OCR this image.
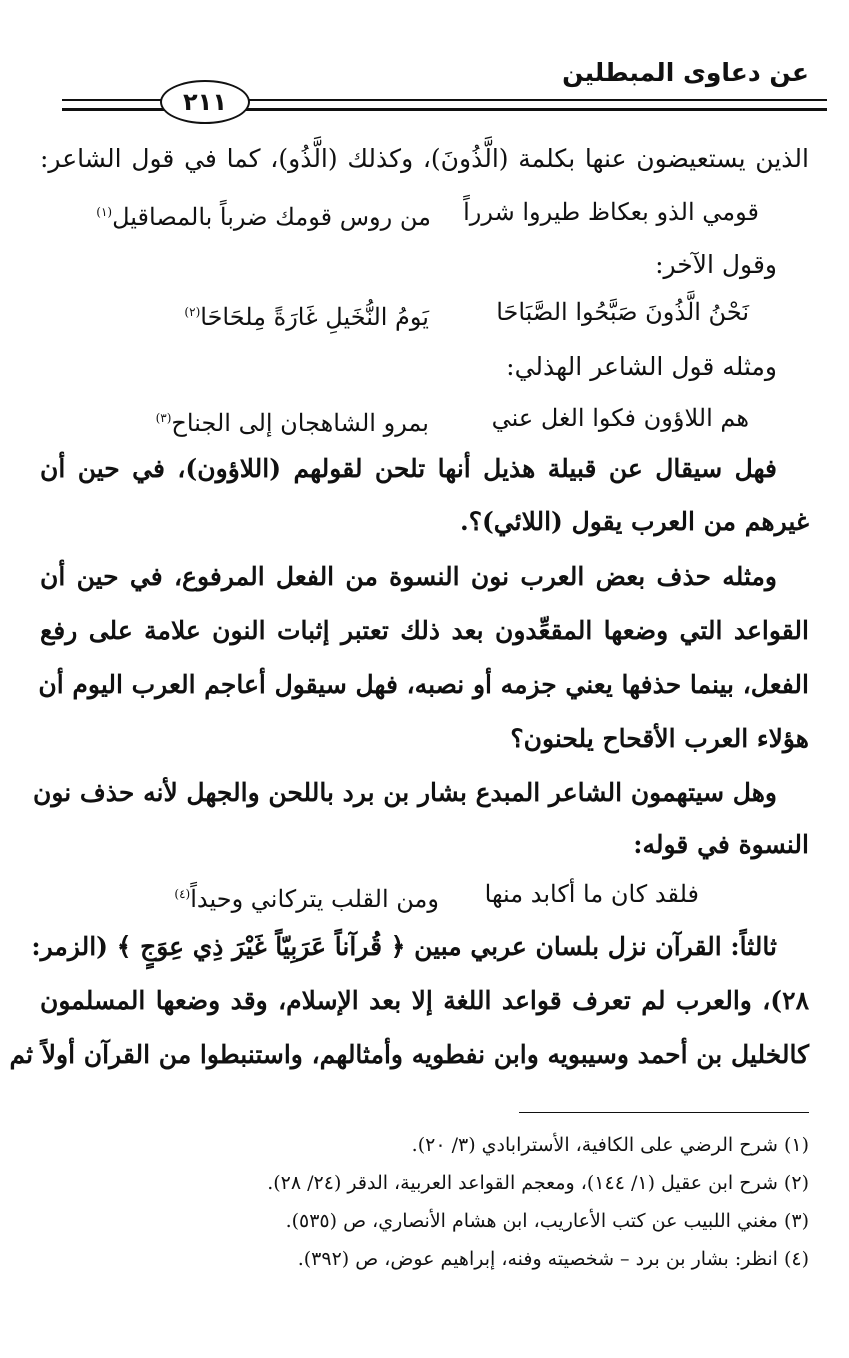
عن دعاوى المبطلين
٢١١
الذين يستعيضون عنها بكلمة (الَّذُونَ)، وكذلك (الَّذُو)، كما في قول الشاعر:
قومي الذو بعكاظ طيروا شرراً
من روس قومك ضرباً بالمصاقيل$^{(١)}$
وقول الآخر:
نَحْنُ الَّذُونَ صَبَّحُوا الصَّبَاحَا
يَومُ النُّخَيلِ غَارَةً مِلحَاحَا$^{(٢)}$
ومثله قول الشاعر الهذلي:
هم اللاؤون فكوا الغل عني
بمرو الشاهجان إلى الجناح$^{(٣)}$
فهل سيقال عن قبيلة هذيل أنها تلحن لقولهم (اللاؤون)، في حين أن
غيرهم من العرب يقول (اللائي)؟.
ومثله حذف بعض العرب نون النسوة من الفعل المرفوع، في حين أن
القواعد التي وضعها المقعِّدون بعد ذلك تعتبر إثبات النون علامة على رفع
الفعل، بينما حذفها يعني جزمه أو نصبه، فهل سيقول أعاجم العرب اليوم أن
هؤلاء العرب الأقحاح يلحنون؟
وهل سيتهمون الشاعر المبدع بشار بن برد باللحن والجهل لأنه حذف نون
النسوة في قوله:
فلقد كان ما أكابد منها
ومن القلب يتركاني وحيداً$^{(٤)}$
ثالثاً: القرآن نزل بلسان عربي مبين ﴿ قُرآناً عَرَبِيّاً غَيْرَ ذِي عِوَجٍ ﴾ (الزمر:
٢٨)، والعرب لم تعرف قواعد اللغة إلا بعد الإسلام، وقد وضعها المسلمون
كالخليل بن أحمد وسيبويه وابن نفطويه وأمثالهم، واستنبطوا من القرآن أولاً ثم
(١) شرح الرضي على الكافية، الأسترابادي (٣/ ٢٠).
(٢) شرح ابن عقيل (١/ ١٤٤)، ومعجم القواعد العربية، الدقر (٢٤/ ٢٨).
(٣) مغني اللبيب عن كتب الأعاريب، ابن هشام الأنصاري، ص (٥٣٥).
(٤) انظر: بشار بن برد – شخصيته وفنه، إبراهيم عوض، ص (٣٩٢).
